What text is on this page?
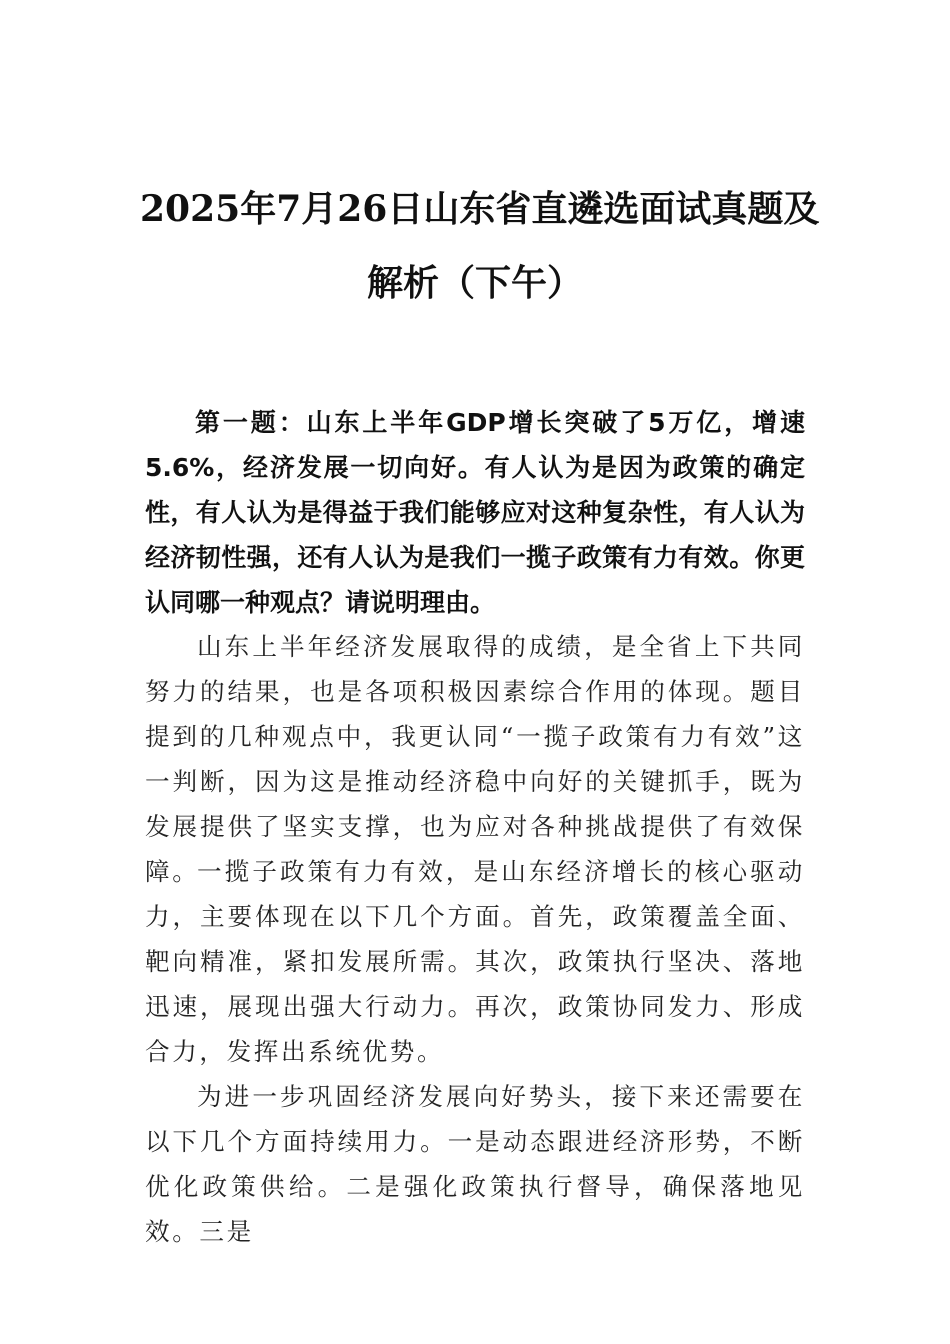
2025年7月26日山东省直遴选面试真题及
解析（下午）

第一题：山东上半年GDP增长突破了5万亿，增速5.6%，经济发展一切向好。有人认为是因为政策的确定性，有人认为是得益于我们能够应对这种复杂性，有人认为经济韧性强，还有人认为是我们一揽子政策有力有效。你更认同哪一种观点？请说明理由。

山东上半年经济发展取得的成绩，是全省上下共同努力的结果，也是各项积极因素综合作用的体现。题目提到的几种观点中，我更认同“一揽子政策有力有效”这一判断，因为这是推动经济稳中向好的关键抓手，既为发展提供了坚实支撑，也为应对各种挑战提供了有效保障。

一揽子政策有力有效，是山东经济增长的核心驱动力，主要体现在以下几个方面。首先，政策覆盖全面、靶向精准，紧扣发展所需。其次，政策执行坚决、落地迅速，展现出强大行动力。再次，政策协同发力、形成合力，发挥出系统优势。

为进一步巩固经济发展向好势头，接下来还需要在以下几个方面持续用力。一是动态跟进经济形势，不断优化政策供给。二是强化政策执行督导，确保落地见效。三是
